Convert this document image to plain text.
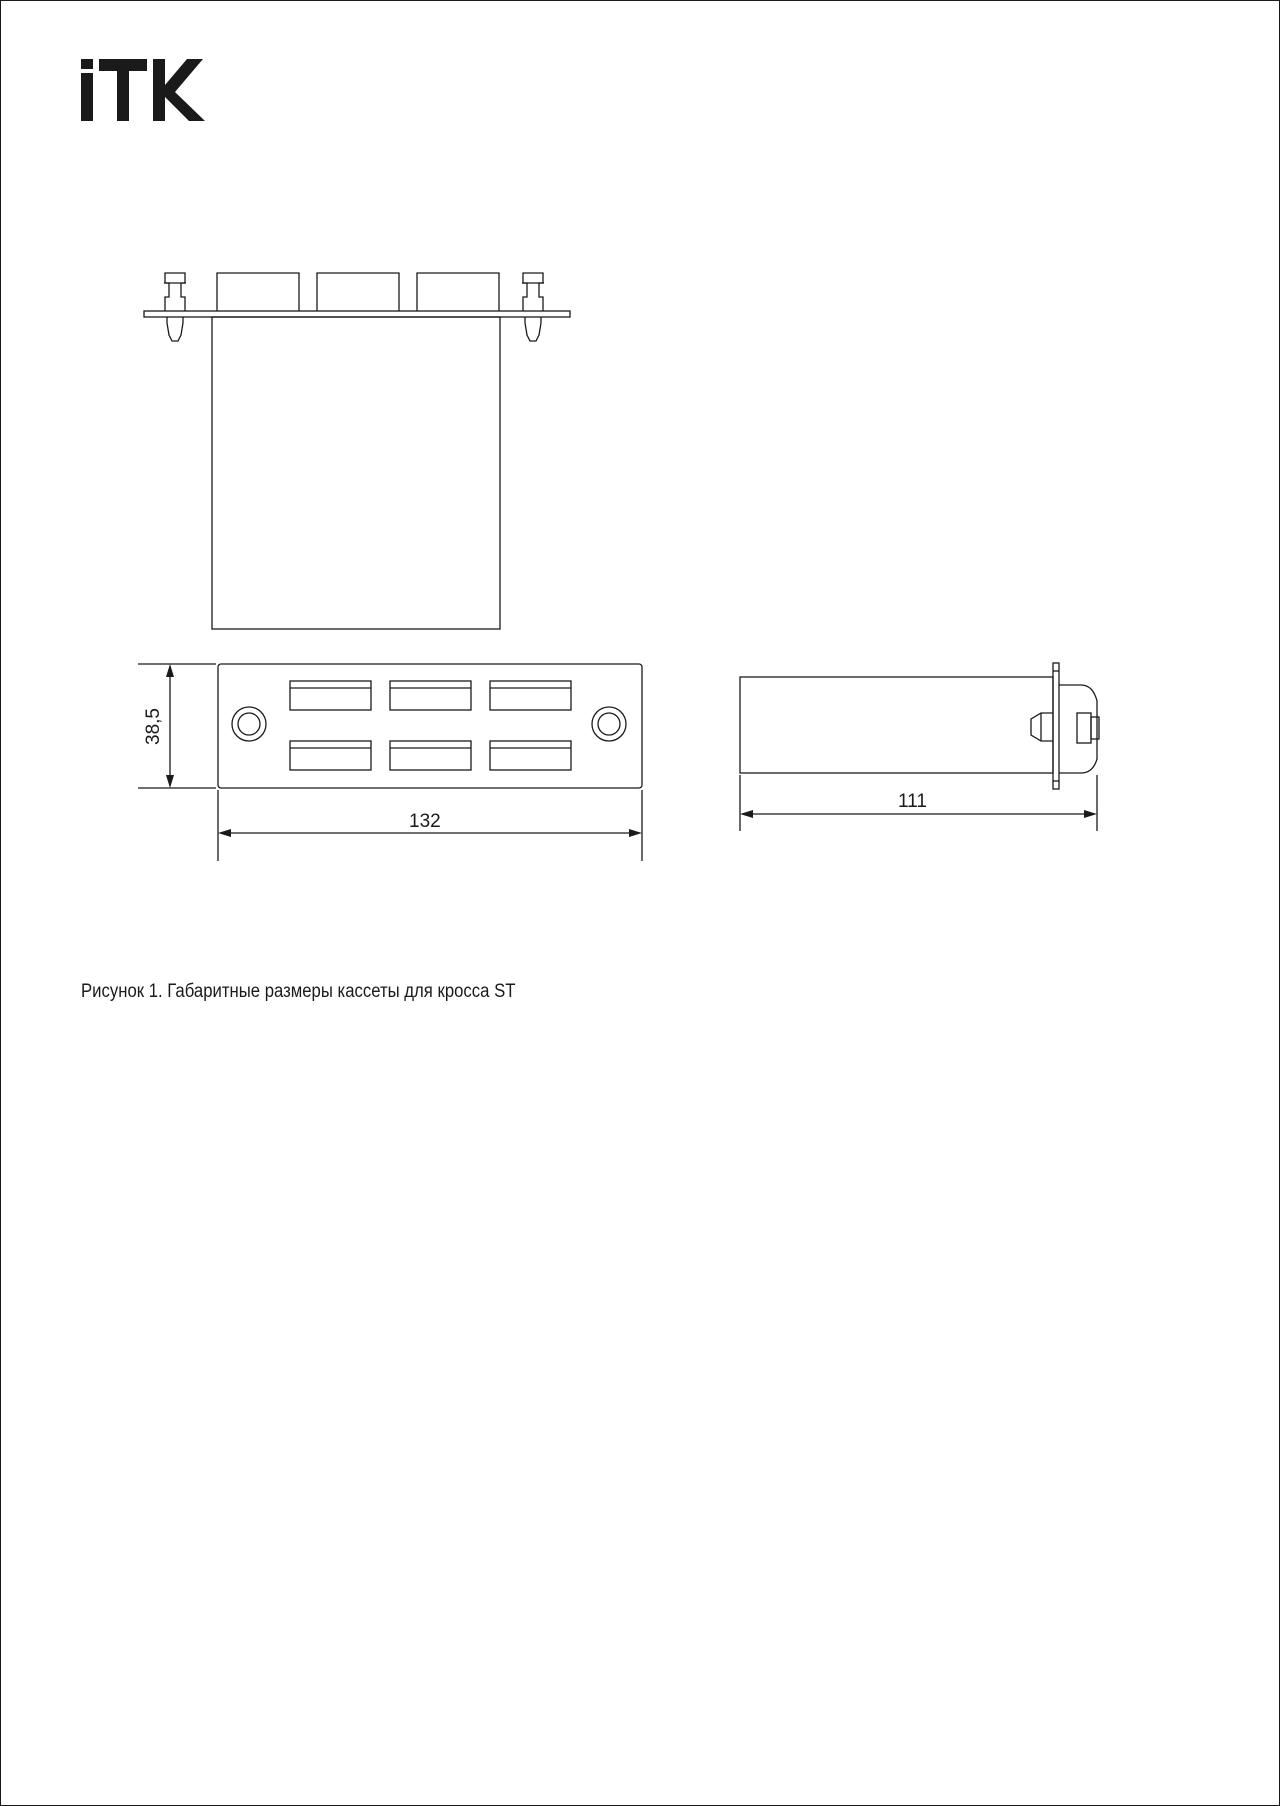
38,5
132
111
Рисунок 1. Габаритные размеры кассеты для кросса ST
